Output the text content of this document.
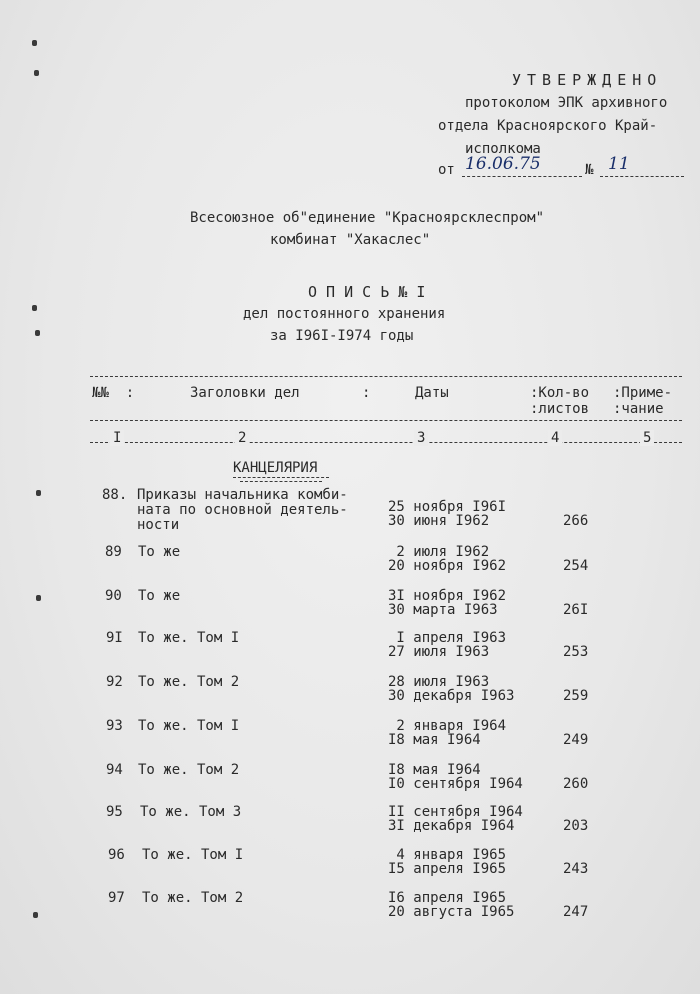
УТВЕРЖДЕНО
протоколом ЭПК архивного
отдела Красноярского Край-
исполкома
от 16.06.75	№ 11
Всесоюзное об"единение "Красноярсклеспром"
комбинат "Хакаслес"
О П И С Ь № I
дел постоянного хранения
за I96I-I974 годы
№№  :	Заголовки дел	:	Даты	:Кол-во
:листов
:Приме-
:чание
I	2	3	4	5
КАНЦЕЛЯРИЯ
88. Приказы начальника комби-
ната по основной деятель-
ности
25 ноября I96I
30 июня I962	266
89 То же	2 июля I962
20 ноября I962	254
90 То же	3I ноября I962
30 марта I963	26I
9I То же. Том I	I апреля I963
27 июля I963	253
92 То же. Том 2	28 июля I963
30 декабря I963	259
93 То же. Том I	2 января I964
I8 мая I964	249
94 То же. Том 2	I8 мая I964
I0 сентября I964	260
95 То же. Том 3	II сентября I964
3I декабря I964	203
96 То же. Том I	4 января I965
I5 апреля I965	243
97 То же. Том 2	I6 апреля I965
20 августа I965	247
